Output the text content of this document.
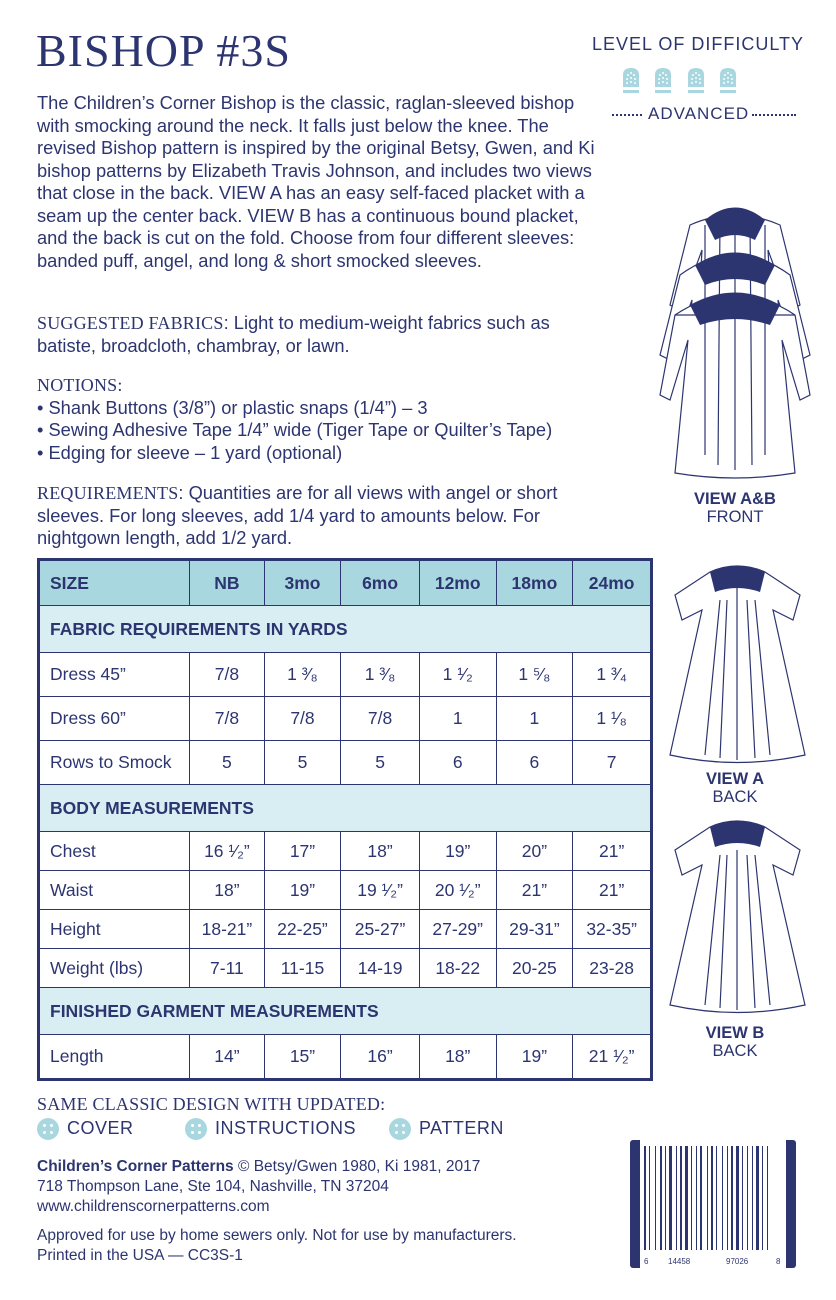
BISHOP #3S	LEVEL OF DIFFICULTY

ADVANCED
The Children’s Corner Bishop is the classic, raglan-sleeved bishop with smocking around the neck. It falls just below the knee. The revised Bishop pattern is inspired by the original Betsy, Gwen, and Ki bishop patterns by Elizabeth Travis Johnson, and includes two views that close in the back. VIEW A has an easy self-faced placket with a seam up the center back. VIEW B has a continuous bound placket, and the back is cut on the fold. Choose from four different sleeves: banded puff, angel, and long & short smocked sleeves.
SUGGESTED FABRICS: Light to medium-weight fabrics such as batiste, broadcloth, chambray, or lawn.
NOTIONS:
• Shank Buttons (3/8”) or plastic snaps (1/4”) – 3
• Sewing Adhesive Tape 1/4” wide (Tiger Tape or Quilter’s Tape)
• Edging for sleeve – 1 yard (optional)
REQUIREMENTS: Quantities are for all views with angel or short sleeves. For long sleeves, add 1/4 yard to amounts below. For nightgown length, add 1/2 yard.
SIZE	NB	3mo	6mo	12mo	18mo	24mo
FABRIC REQUIREMENTS IN YARDS						
Dress 45”	7/8	1 ³⁄₈	1 ³⁄₈	1 ¹⁄₂	1 ⁵⁄₈	1 ³⁄₄
Dress 60”	7/8	7/8	7/8	1	1	1 ¹⁄₈
Rows to Smock	5	5	5	6	6	7
BODY MEASUREMENTS						
Chest	16 ¹⁄₂”	17”	18”	19”	20”	21”
Waist	18”	19”	19 ¹⁄₂”	20 ¹⁄₂”	21”	21”
Height	18-21”	22-25”	25-27”	27-29”	29-31”	32-35”
Weight (lbs)	7-11	11-15	14-19	18-22	20-25	23-28
FINISHED GARMENT MEASUREMENTS						
Length	14”	15”	16”	18”	19”	21 ¹⁄₂”
VIEW A&B
FRONT
VIEW A
BACK
VIEW B
BACK
SAME CLASSIC DESIGN WITH UPDATED:
COVER	INSTRUCTIONS	PATTERN
Children’s Corner Patterns © Betsy/Gwen 1980, Ki 1981, 2017
718 Thompson Lane, Ste 104, Nashville, TN 37204
www.childrenscornerpatterns.com
Approved for use by home sewers only. Not for use by manufacturers.
Printed in the USA — CC3S-1	6 14458	97026	8
